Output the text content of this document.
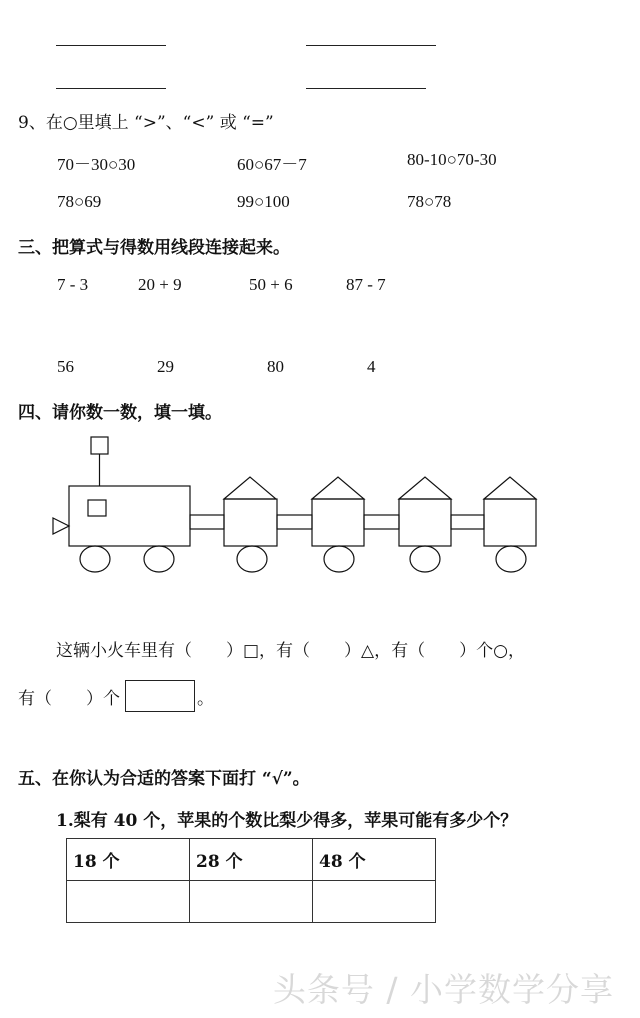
9、在○里填上 “>”、“<” 或 “=”
70－30○30	60○67－7	80-10○70-30
78○69	99○100	78○78
三、把算式与得数用线段连接起来。
7 - 3	20 + 9	50 + 6	87 - 7
56	29	80	4
四、请你数一数，填一填。
这辆小火车里有（　　）□，有（　　）△，有（　　）个○，
有（　　）个	。
五、在你认为合适的答案下面打 “√”。
1.梨有 40 个，苹果的个数比梨少得多，苹果可能有多少个？
18 个	28 个	48 个

头条号 / 小学数学分享
